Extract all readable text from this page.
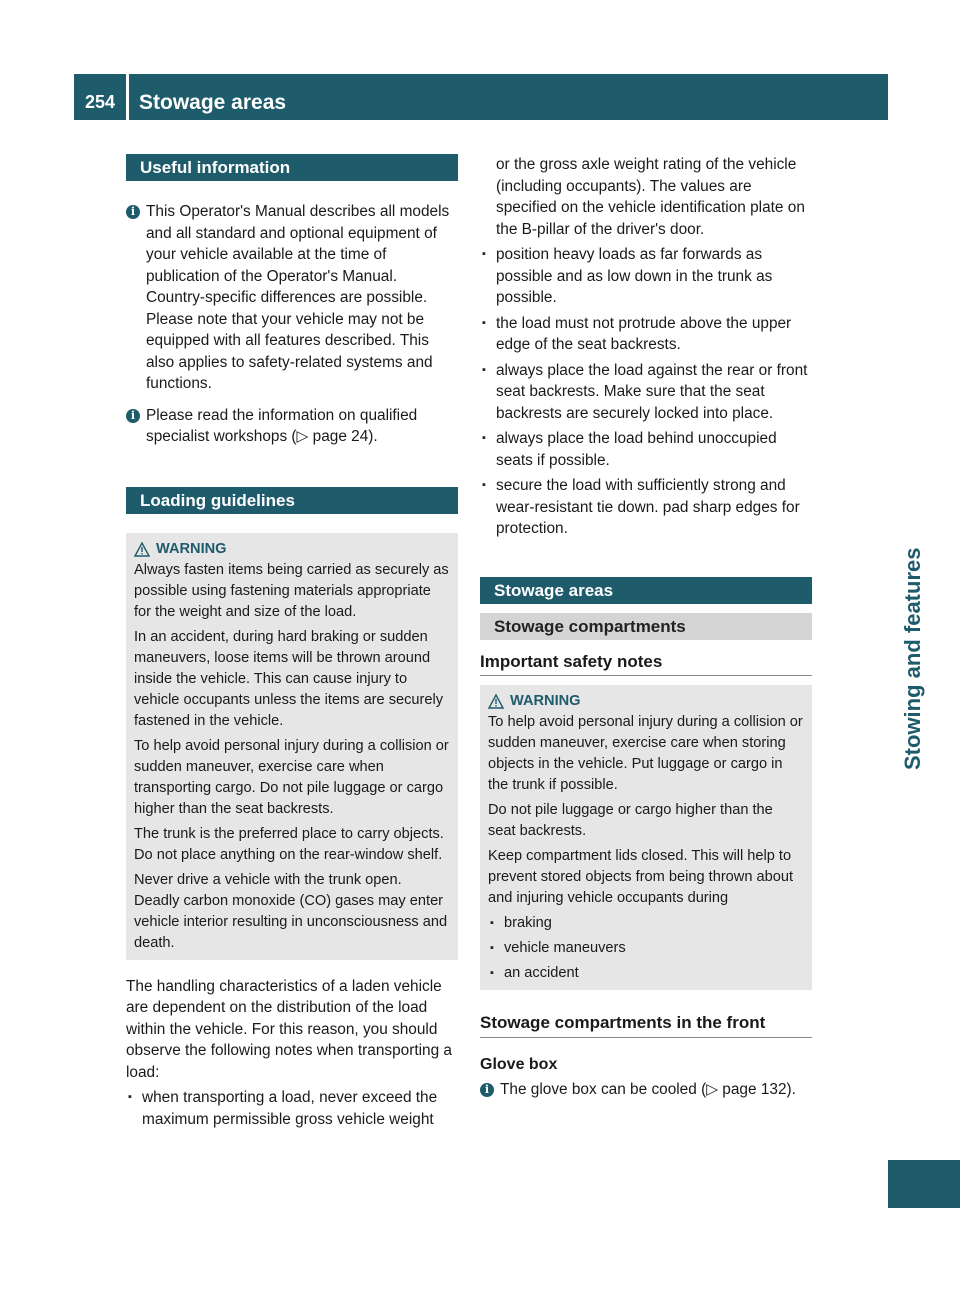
254	Stowage areas
Stowing and features
Useful information
i This Operator's Manual describes all models and all standard and optional equipment of your vehicle available at the time of publication of the Operator's Manual. Country-specific differences are possible. Please note that your vehicle may not be equipped with all features described. This also applies to safety-related systems and functions.
i Please read the information on qualified specialist workshops (▷ page 24).
Loading guidelines
WARNING

Always fasten items being carried as securely as possible using fastening materials appropriate for the weight and size of the load.

In an accident, during hard braking or sudden maneuvers, loose items will be thrown around inside the vehicle. This can cause injury to vehicle occupants unless the items are securely fastened in the vehicle.

To help avoid personal injury during a collision or sudden maneuver, exercise care when transporting cargo. Do not pile luggage or cargo higher than the seat backrests.

The trunk is the preferred place to carry objects. Do not place anything on the rear-window shelf.

Never drive a vehicle with the trunk open. Deadly carbon monoxide (CO) gases may enter vehicle interior resulting in unconsciousness and death.

The handling characteristics of a laden vehicle are dependent on the distribution of the load within the vehicle. For this reason, you should observe the following notes when transporting a load:

▪ when transporting a load, never exceed the maximum permissible gross vehicle weight

or the gross axle weight rating of the vehicle (including occupants). The values are specified on the vehicle identification plate on the B-pillar of the driver's door.

▪ position heavy loads as far forwards as possible and as low down in the trunk as possible.
▪ the load must not protrude above the upper edge of the seat backrests.
▪ always place the load against the rear or front seat backrests. Make sure that the seat backrests are securely locked into place.
▪ always place the load behind unoccupied seats if possible.
▪ secure the load with sufficiently strong and wear-resistant tie down. pad sharp edges for protection.
Stowage areas
Stowage compartments
Important safety notes
WARNING

To help avoid personal injury during a collision or sudden maneuver, exercise care when storing objects in the vehicle. Put luggage or cargo in the trunk if possible.

Do not pile luggage or cargo higher than the seat backrests.

Keep compartment lids closed. This will help to prevent stored objects from being thrown about and injuring vehicle occupants during

▪ braking
▪ vehicle maneuvers
▪ an accident
Stowage compartments in the front
Glove box
i The glove box can be cooled (▷ page 132).
